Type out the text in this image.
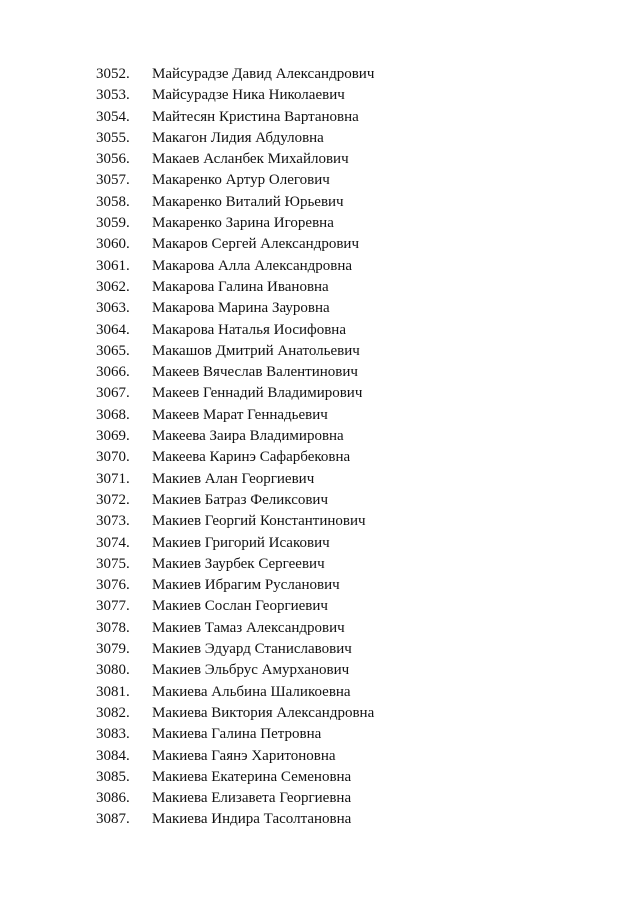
3052.	Майсурадзе Давид Александрович
3053.	Майсурадзе Ника Николаевич
3054.	Майтесян Кристина Вартановна
3055.	Макагон Лидия Абдуловна
3056.	Макаев Асланбек Михайлович
3057.	Макаренко Артур Олегович
3058.	Макаренко Виталий Юрьевич
3059.	Макаренко Зарина Игоревна
3060.	Макаров Сергей Александрович
3061.	Макарова Алла Александровна
3062.	Макарова Галина Ивановна
3063.	Макарова Марина Зауровна
3064.	Макарова Наталья Иосифовна
3065.	Макашов Дмитрий Анатольевич
3066.	Макеев Вячеслав Валентинович
3067.	Макеев Геннадий Владимирович
3068.	Макеев Марат Геннадьевич
3069.	Макеева Заира Владимировна
3070.	Макеева Каринэ Сафарбековна
3071.	Макиев Алан Георгиевич
3072.	Макиев Батраз Феликсович
3073.	Макиев Георгий Константинович
3074.	Макиев Григорий Исакович
3075.	Макиев Заурбек Сергеевич
3076.	Макиев Ибрагим Русланович
3077.	Макиев Сослан Георгиевич
3078.	Макиев Тамаз Александрович
3079.	Макиев Эдуард Станиславович
3080.	Макиев Эльбрус Амурханович
3081.	Макиева Альбина Шаликоевна
3082.	Макиева Виктория Александровна
3083.	Макиева Галина Петровна
3084.	Макиева Гаянэ Харитоновна
3085.	Макиева Екатерина Семеновна
3086.	Макиева Елизавета Георгиевна
3087.	Макиева Индира Тасолтановна
